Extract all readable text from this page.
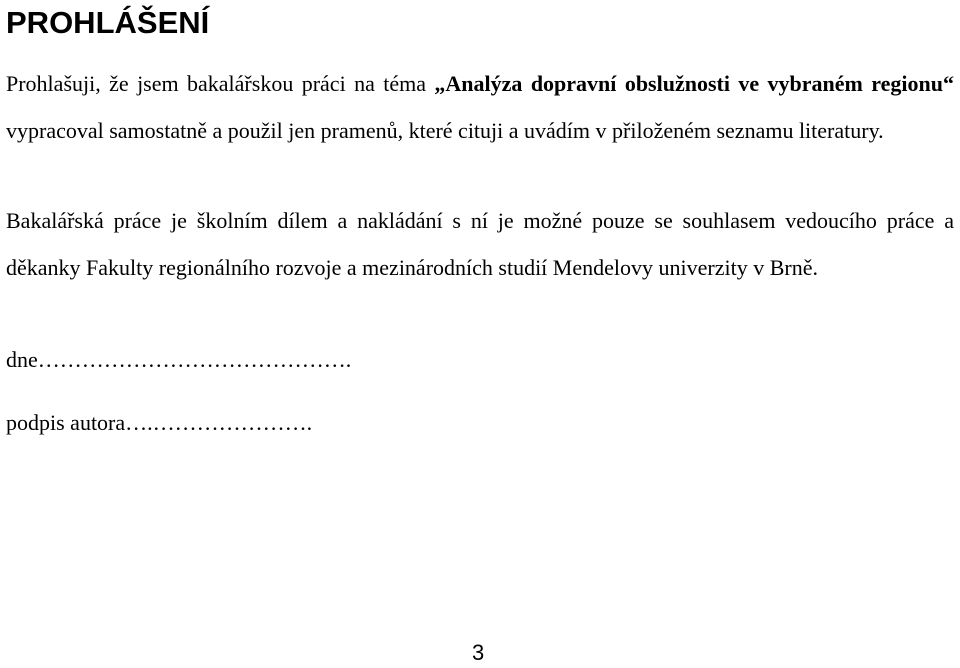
PROHLÁŠENÍ

Prohlašuji, že jsem bakalářskou práci na téma „Analýza dopravní obslužnosti ve vybraném regionu“ vypracoval samostatně a použil jen pramenů, které cituji a uvádím v přiloženém seznamu literatury.

Bakalářská práce je školním dílem a nakládání s ní je možné pouze se souhlasem vedoucího práce a děkanky Fakulty regionálního rozvoje a mezinárodních studií Mendelovy univerzity v Brně.

dne…………………………………….

podpis autora….………………….

3
